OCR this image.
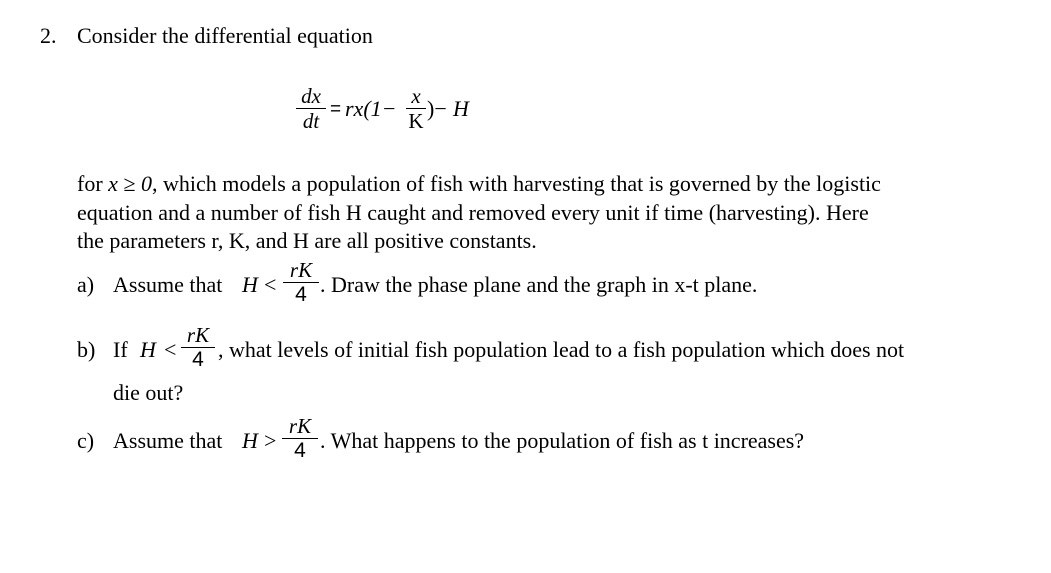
2. Consider the differential equation
dx
dt = rx(1− x
K )− H
for x ≥ 0, which models a population of fish with harvesting that is governed by the logistic
equation and a number of fish H caught and removed every unit if time (harvesting). Here
the parameters r, K, and H are all positive constants.
a) Assume that H <
rK
4 . Draw the phase plane and the graph in x-t plane.
b) If H <
rK
4 , what levels of initial fish population lead to a fish population which does not
die out?
c) Assume that H >
rK
4 . What happens to the population of fish as t increases?
